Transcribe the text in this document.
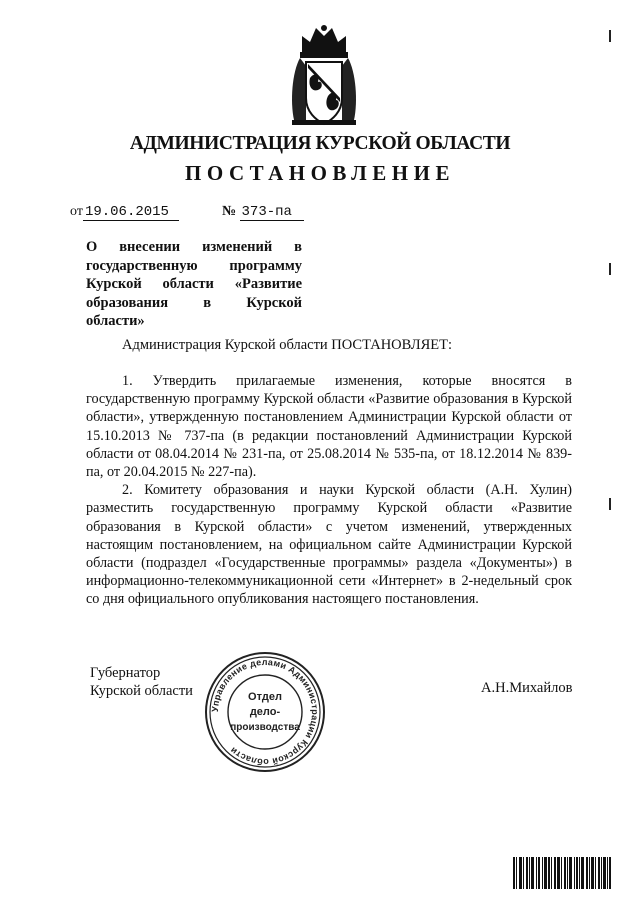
АДМИНИСТРАЦИЯ КУРСКОЙ ОБЛАСТИ
ПОСТАНОВЛЕНИЕ
от 19.06.2015	№ 373-па
О внесении изменений в
государственную программу
Курской области «Развитие
образования в Курской
области»
Администрация Курской области ПОСТАНОВЛЯЕТ:

1. Утвердить прилагаемые изменения, которые вносятся в государственную программу Курской области «Развитие образования в Курской области», утвержденную постановлением Администрации Курской области от 15.10.2013 № 737-па (в редакции постановлений Администрации Курской области от 08.04.2014 № 231-па, от 25.08.2014 № 535-па, от 18.12.2014 № 839-па, от 20.04.2015 № 227-па).

2. Комитету образования и науки Курской области (А.Н. Хулин) разместить государственную программу Курской области «Развитие образования в Курской области» с учетом изменений, утвержденных настоящим постановлением, на официальном сайте Администрации Курской области (подраздел «Государственные программы» раздела «Документы») в информационно-телекоммуникационной сети «Интернет» в 2-недельный срок со дня официального опубликования настоящего постановления.

Губернатор
Курской области
Управление делами Администрации Курской области
Отдел
дело-
производства
А.Н.Михайлов
